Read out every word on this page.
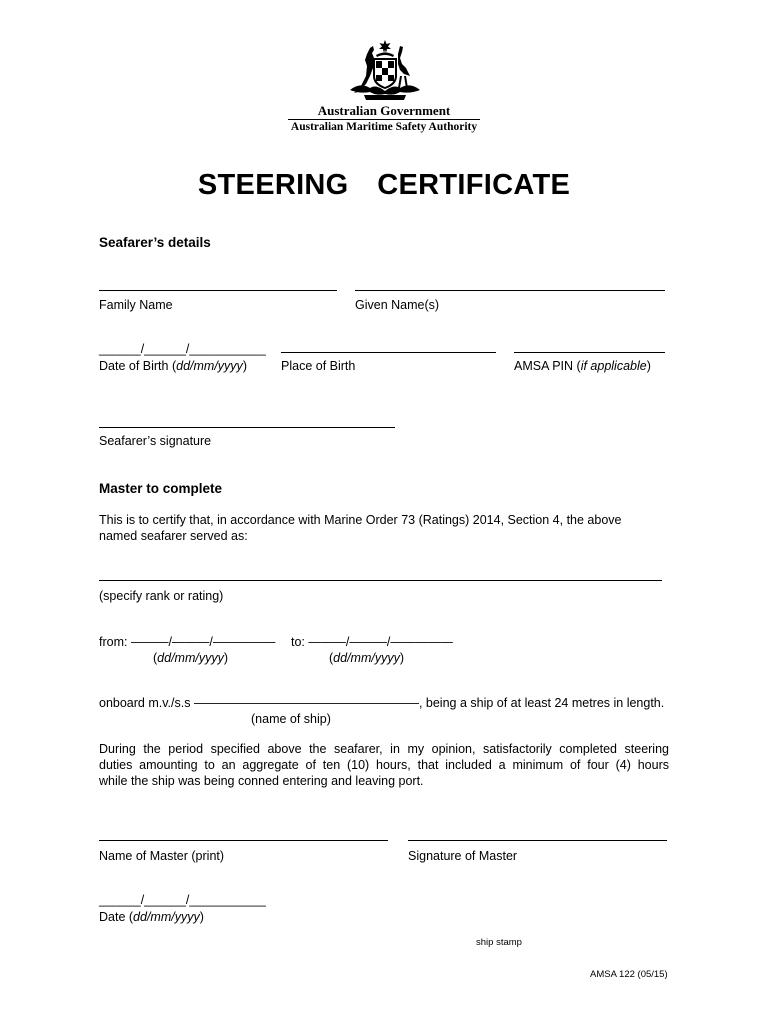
Australian Government
Australian Maritime Safety Authority
STEERING  CERTIFICATE
Seafarer’s details
Family Name	Given Name(s)
______/______/___________
Date of Birth (dd/mm/yyyy)	Place of Birth	AMSA PIN (if applicable)
Seafarer’s signature
Master to complete
This is to certify that, in accordance with Marine Order 73 (Ratings) 2014, Section 4, the above
named seafarer served as:
(specify rank or rating)
from: ———/———/————— to: ———/———/—————
(dd/mm/yyyy)	(dd/mm/yyyy)
onboard m.v./s.s ——————————————————, being a ship of at least 24 metres in length.
(name of ship)
During the period specified above the seafarer, in my opinion, satisfactorily completed steering
duties amounting to an aggregate of ten (10) hours, that included a minimum of four (4) hours
while the ship was being conned entering and leaving port.
Name of Master (print)	Signature of Master
______/______/___________
Date (dd/mm/yyyy)
ship stamp
AMSA 122 (05/15)
